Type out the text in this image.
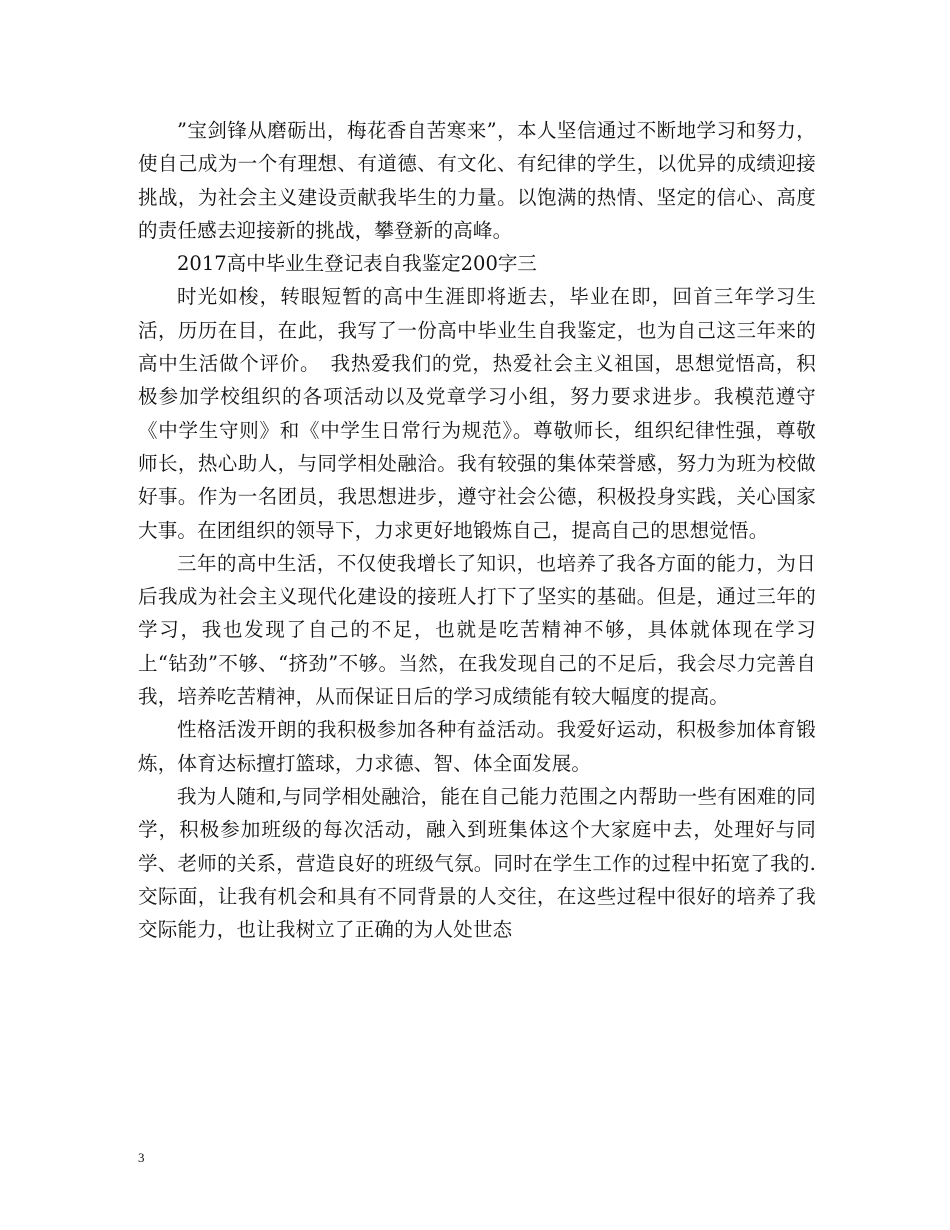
”宝剑锋从磨砺出，梅花香自苦寒来”，本人坚信通过不断地学习和努力，使自己成为一个有理想、有道德、有文化、有纪律的学生，以优异的成绩迎接挑战，为社会主义建设贡献我毕生的力量。以饱满的热情、坚定的信心、高度的责任感去迎接新的挑战，攀登新的高峰。

2017高中毕业生登记表自我鉴定200字三

时光如梭，转眼短暂的高中生涯即将逝去，毕业在即，回首三年学习生活，历历在目，在此，我写了一份高中毕业生自我鉴定，也为自己这三年来的高中生活做个评价。　我热爱我们的党，热爱社会主义祖国，思想觉悟高，积极参加学校组织的各项活动以及党章学习小组，努力要求进步。我模范遵守《中学生守则》和《中学生日常行为规范》。尊敬师长，组织纪律性强，尊敬师长，热心助人，与同学相处融洽。我有较强的集体荣誉感，努力为班为校做好事。作为一名团员，我思想进步，遵守社会公德，积极投身实践，关心国家大事。在团组织的领导下，力求更好地锻炼自己，提高自己的思想觉悟。

三年的高中生活，不仅使我增长了知识，也培养了我各方面的能力，为日后我成为社会主义现代化建设的接班人打下了坚实的基础。但是，通过三年的学习，我也发现了自己的不足，也就是吃苦精神不够，具体就体现在学习上“钻劲”不够、“挤劲”不够。当然，在我发现自己的不足后，我会尽力完善自我，培养吃苦精神，从而保证日后的学习成绩能有较大幅度的提高。

性格活泼开朗的我积极参加各种有益活动。我爱好运动，积极参加体育锻炼，体育达标擅打篮球，力求德、智、体全面发展。

我为人随和,与同学相处融洽，能在自己能力范围之内帮助一些有困难的同学，积极参加班级的每次活动，融入到班集体这个大家庭中去，处理好与同学、老师的关系，营造良好的班级气氛。同时在学生工作的过程中拓宽了我的.交际面，让我有机会和具有不同背景的人交往，在这些过程中很好的培养了我交际能力，也让我树立了正确的为人处世态

3
